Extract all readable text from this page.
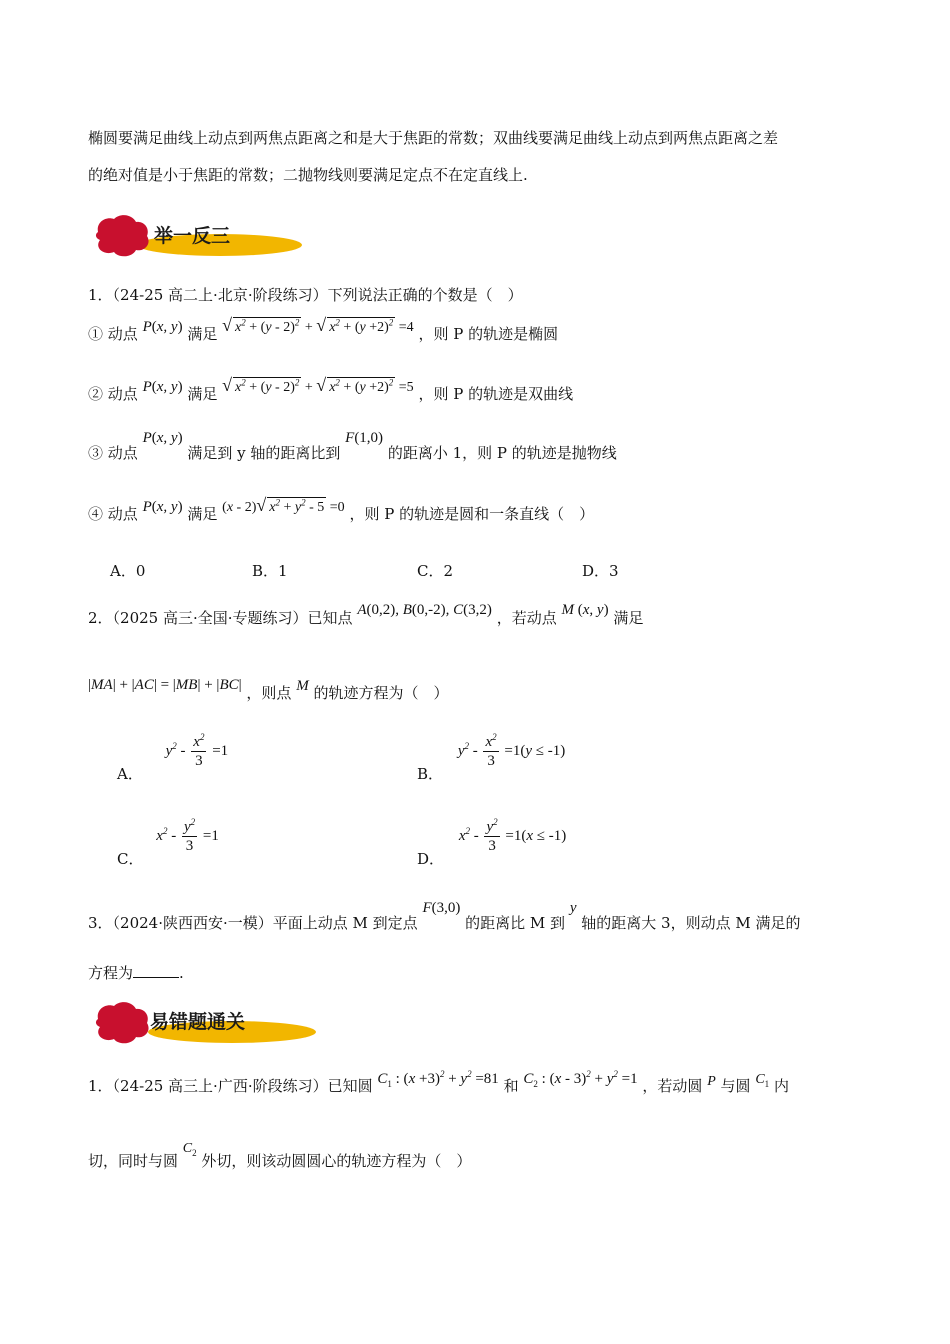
椭圆要满足曲线上动点到两焦点距离之和是大于焦距的常数；双曲线要满足曲线上动点到两焦点距离之差
的绝对值是小于焦距的常数；二抛物线则要满足定点不在定直线上.
举一反三
1．（24-25 高二上·北京·阶段练习）下列说法正确的个数是（　）
① 动点 P(x, y) 满足 √ $x^2 + (y - 2)^2$ + √ $x^2 + (y +2)^2 =4$ ，则 P 的轨迹是椭圆
② 动点 P(x, y) 满足 √ $x^2 + (y - 2)^2$ + √ $x^2 + (y +2)^2 =5$ ，则 P 的轨迹是双曲线
③ 动点 P(x, y) 满足到 y 轴的距离比到 F(1,0) 的距离小 1，则 P 的轨迹是抛物线
④ 动点 P(x, y) 满足 (x - 2)√ $x^2 + y^2 - 5 =0$ ，则 P 的轨迹是圆和一条直线（　）
A．0	B．1	C．2	D．3
2．（2025 高三·全国·专题练习）已知点 A(0,2), B(0,-2), C(3,2) ，若动点 M (x, y) 满足
|MA| + |AC| = |MB| + |BC| ，则点 M 的轨迹方程为（　）
A． $y^2 - \frac{x^2}{3} =1$
B． $y^2 - \frac{x^2}{3} =1(y \le -1)$
C． $x^2 - \frac{y^2}{3} =1$
D． $x^2 - \frac{y^2}{3} =1(x \le -1)$
3．（2024·陕西西安·一模）平面上动点 M 到定点 F(3,0) 的距离比 M 到 y 轴的距离大 3，则动点 M 满足的
方程为	.
易错题通关
1．（24-25 高三上·广西·阶段练习）已知圆 $C_1$ : $(x +3)^2 + y^2 =81$ 和 $C_2$ : $(x - 3)^2 + y^2 =1$ ，若动圆 P 与圆 $C_1$ 内
切，同时与圆 $C_2$ 外切，则该动圆圆心的轨迹方程为（　）
